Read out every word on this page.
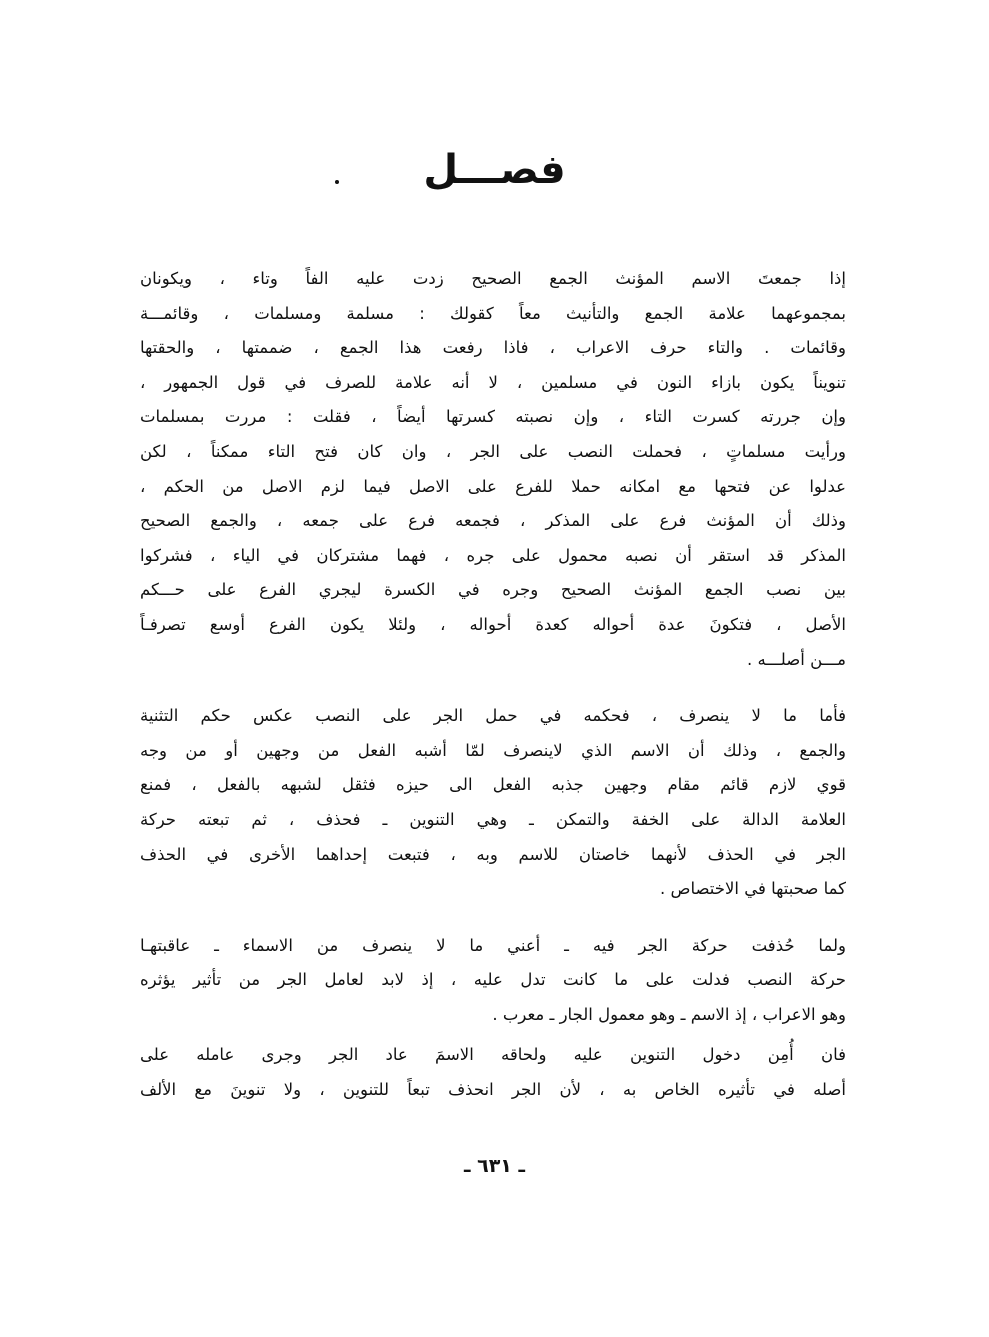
فصـــل
إذا جمعتَ الاسم المؤنث الجمع الصحيح زدت عليه الفاً وتاء ، ويكونان
بمجموعهما علامة الجمع والتأنيث معاً كقولك : مسلمة ومسلمات ، وقائمـــة
وقائمات . والتاء حرف الاعراب ، فاذا رفعت هذا الجمع ، ضممتها ، والحقتها
تنويناً يكون بازاء النون في مسلمين ، لا أنه علامة للصرف في قول الجمهور ،
وإن جررته كسرت التاء ، وإن نصبته كسرتها أيضاً ، فقلت : مررت بمسلمات
ورأيت مسلماتٍ ، فحملت النصب على الجر ، وان كان فتح التاء ممكناً ، لكن
عدلوا عن فتحها مع امكانه حملا للفرع على الاصل فيما لزم الاصل من الحكم ،
وذلك أن المؤنث فرع على المذكر ، فجمعه فرع على جمعه ، والجمع الصحيح
المذكر قد استقر أن نصبه محمول على جره ، فهما مشتركان في الياء ، فشركوا
بين نصب الجمع المؤنث الصحيح وجره في الكسرة ليجري الفرع على حـــكم
الأصل ، فتكونَ عدة أحواله كعدة أحواله ، ولئلا يكون الفرع أوسع تصرفـاً
مـــن أصلـــه .
فأما ما لا ينصرف ، فحكمه في حمل الجر على النصب عكس حكم التثنية
والجمع ، وذلك أن الاسم الذي لاينصرف لمّا أشبه الفعل من وجهين أو من وجه
قوي لازم قائم مقام وجهين جذبه الفعل الى حيزه فثقل لشبهه بالفعل ، فمنع
العلامة الدالة على الخفة والتمكن ـ وهي التنوين ـ فحذف ، ثم تبعته حركة
الجر في الحذف لأنهما خاصتان للاسم وبه ، فتبعت إحداهما الأخرى في الحذف
كما صحبتها في الاختصاص .
ولما حُذفت حركة الجر فيه ـ أعني ما لا ينصرف من الاسماء ـ عاقبتهـا
حركة النصب فدلت على ما كانت تدل عليه ، إذ لابد لعامل الجر من تأثير يؤثره
وهو الاعراب ، إذ الاسم ـ وهو معمول الجار ـ معرب .
فان أُمِن دخول التنوين عليه ولحاقه الاسمَ عاد الجر وجرى عامله على
أصله في تأثيره الخاص به ، لأن الجر انحذف تبعاً للتنوين ، ولا تنوينَ مع الألف
ـ ٦٣١ ـ
